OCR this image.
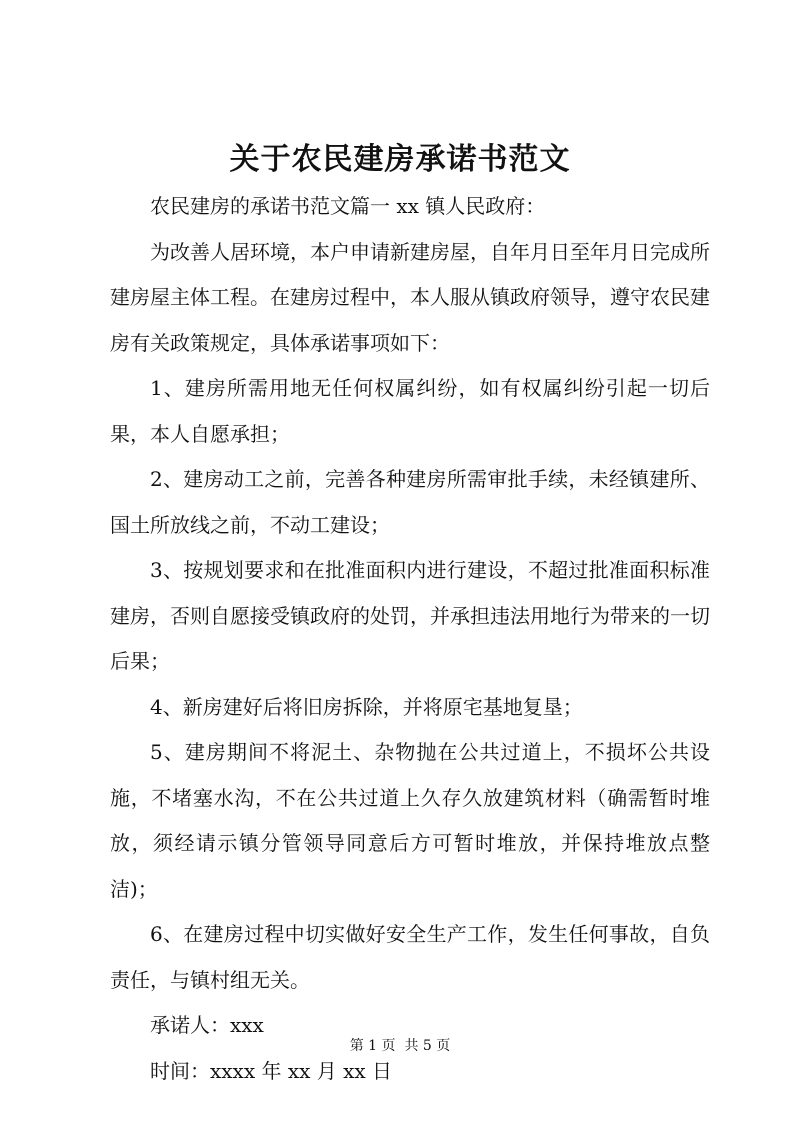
关于农民建房承诺书范文

农民建房的承诺书范文篇一 xx 镇人民政府：

为改善人居环境，本户申请新建房屋，自年月日至年月日完成所建房屋主体工程。在建房过程中，本人服从镇政府领导，遵守农民建房有关政策规定，具体承诺事项如下：

1、建房所需用地无任何权属纠纷，如有权属纠纷引起一切后果，本人自愿承担；

2、建房动工之前，完善各种建房所需审批手续，未经镇建所、国土所放线之前，不动工建设；

3、按规划要求和在批准面积内进行建设，不超过批准面积标准建房，否则自愿接受镇政府的处罚，并承担违法用地行为带来的一切后果；

4、新房建好后将旧房拆除，并将原宅基地复垦；

5、建房期间不将泥土、杂物抛在公共过道上，不损坏公共设施，不堵塞水沟，不在公共过道上久存久放建筑材料（确需暂时堆放，须经请示镇分管领导同意后方可暂时堆放，并保持堆放点整洁)；

6、在建房过程中切实做好安全生产工作，发生任何事故，自负责任，与镇村组无关。

承诺人：xxx

时间：xxxx 年 xx 月 xx 日

第 1 页 共 5 页
